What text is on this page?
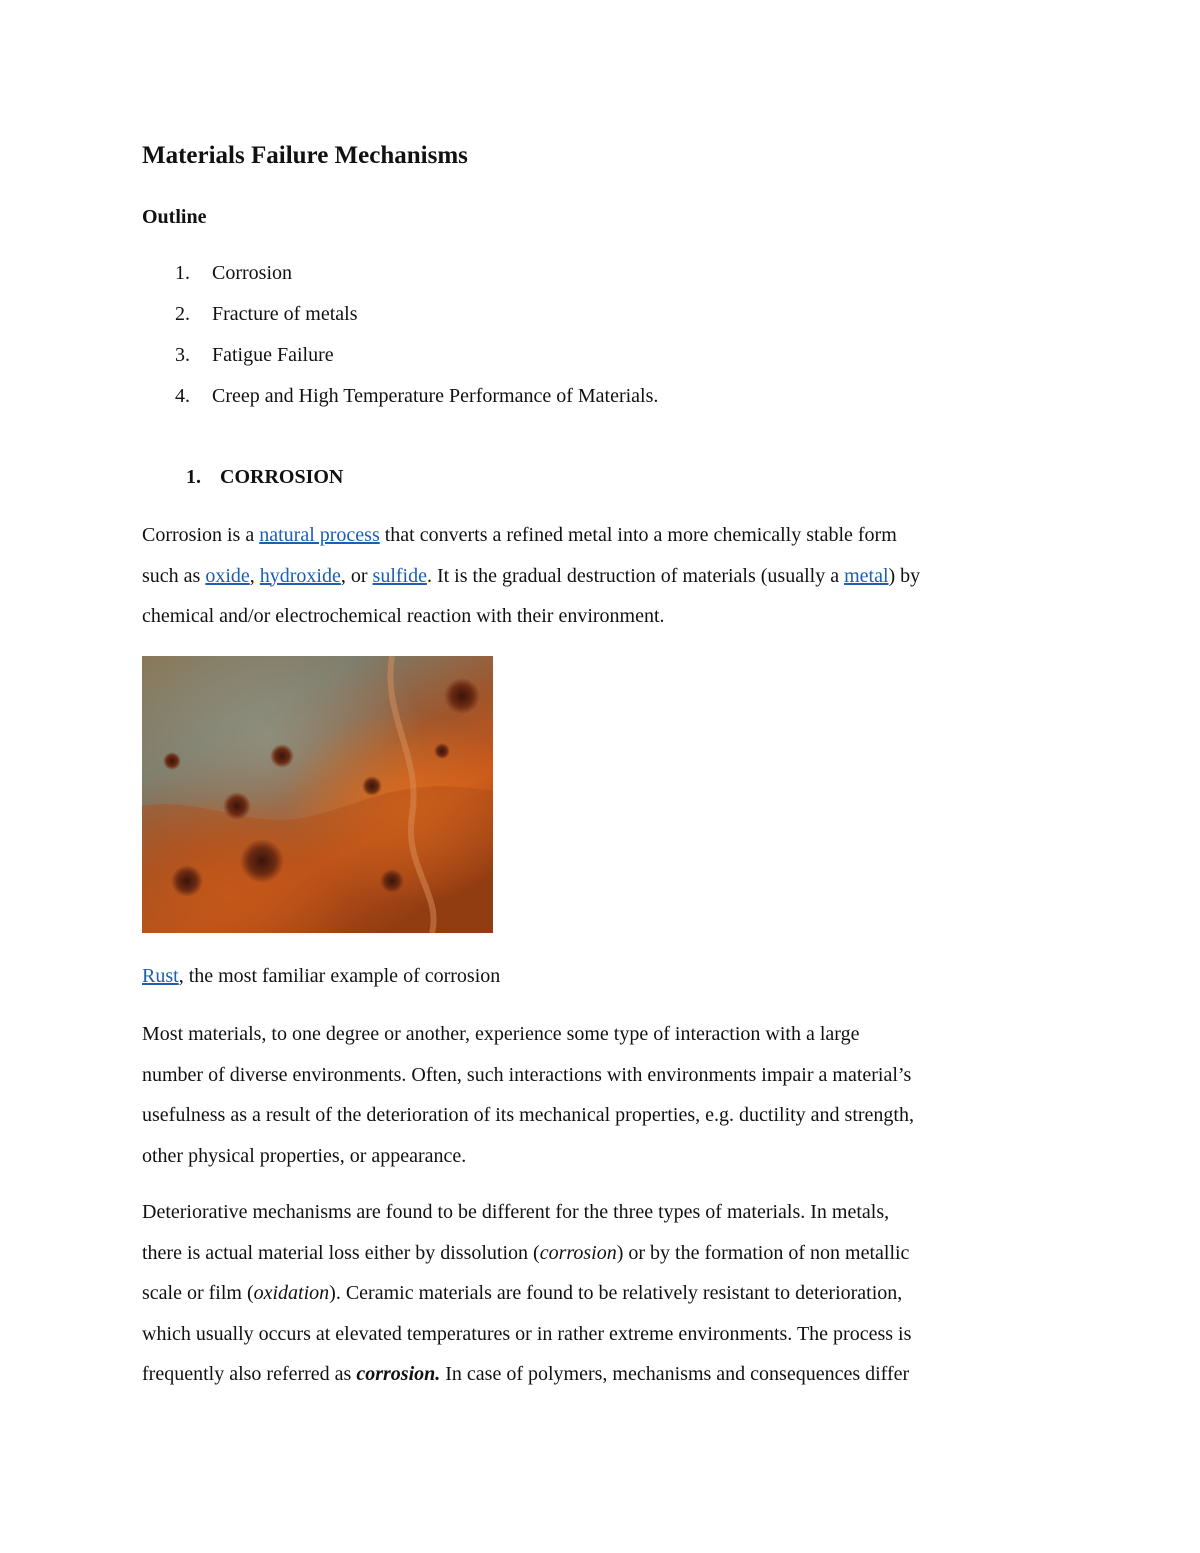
Materials Failure Mechanisms
Outline
1. Corrosion
2. Fracture of metals
3. Fatigue Failure
4. Creep and High Temperature Performance of Materials.
1. CORROSION

Corrosion is a natural process that converts a refined metal into a more chemically stable form
such as oxide, hydroxide, or sulfide. It is the gradual destruction of materials (usually a metal) by
chemical and/or electrochemical reaction with their environment.

Rust, the most familiar example of corrosion

Most materials, to one degree or another, experience some type of interaction with a large
number of diverse environments. Often, such interactions with environments impair a material’s
usefulness as a result of the deterioration of its mechanical properties, e.g. ductility and strength,
other physical properties, or appearance.

Deteriorative mechanisms are found to be different for the three types of materials. In metals,
there is actual material loss either by dissolution (corrosion) or by the formation of non metallic
scale or film (oxidation). Ceramic materials are found to be relatively resistant to deterioration,
which usually occurs at elevated temperatures or in rather extreme environments. The process is
frequently also referred as corrosion. In case of polymers, mechanisms and consequences differ
